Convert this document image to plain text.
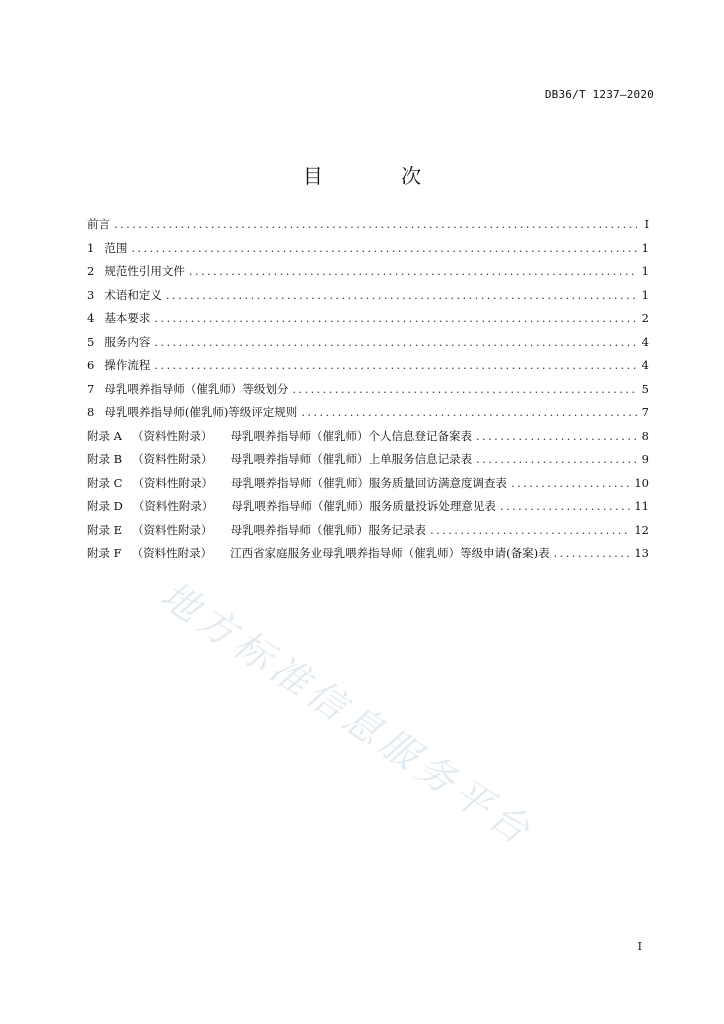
DB36/T 1237—2020
目 次
前言 .....	I
1 范围 .....	1
2 规范性引用文件 .....	1
3 术语和定义 .....	1
4 基本要求 .....	2
5 服务内容 .....	4
6 操作流程 .....	4
7 母乳喂养指导师（催乳师）等级划分 .....	5
8 母乳喂养指导师(催乳师)等级评定规则 .....	7
附录 A （资料性附录） 母乳喂养指导师（催乳师）个人信息登记备案表 .....	8
附录 B （资料性附录） 母乳喂养指导师（催乳师）上单服务信息记录表 .....	9
附录 C （资料性附录） 母乳喂养指导师（催乳师）服务质量回访满意度调查表 .....	10
附录 D （资料性附录） 母乳喂养指导师（催乳师）服务质量投诉处理意见表 .....	11
附录 E （资料性附录） 母乳喂养指导师（催乳师）服务记录表 .....	12
附录 F （资料性附录） 江西省家庭服务业母乳喂养指导师（催乳师）等级申请(备案)表 .....	13
地方标准信息服务平台
I
